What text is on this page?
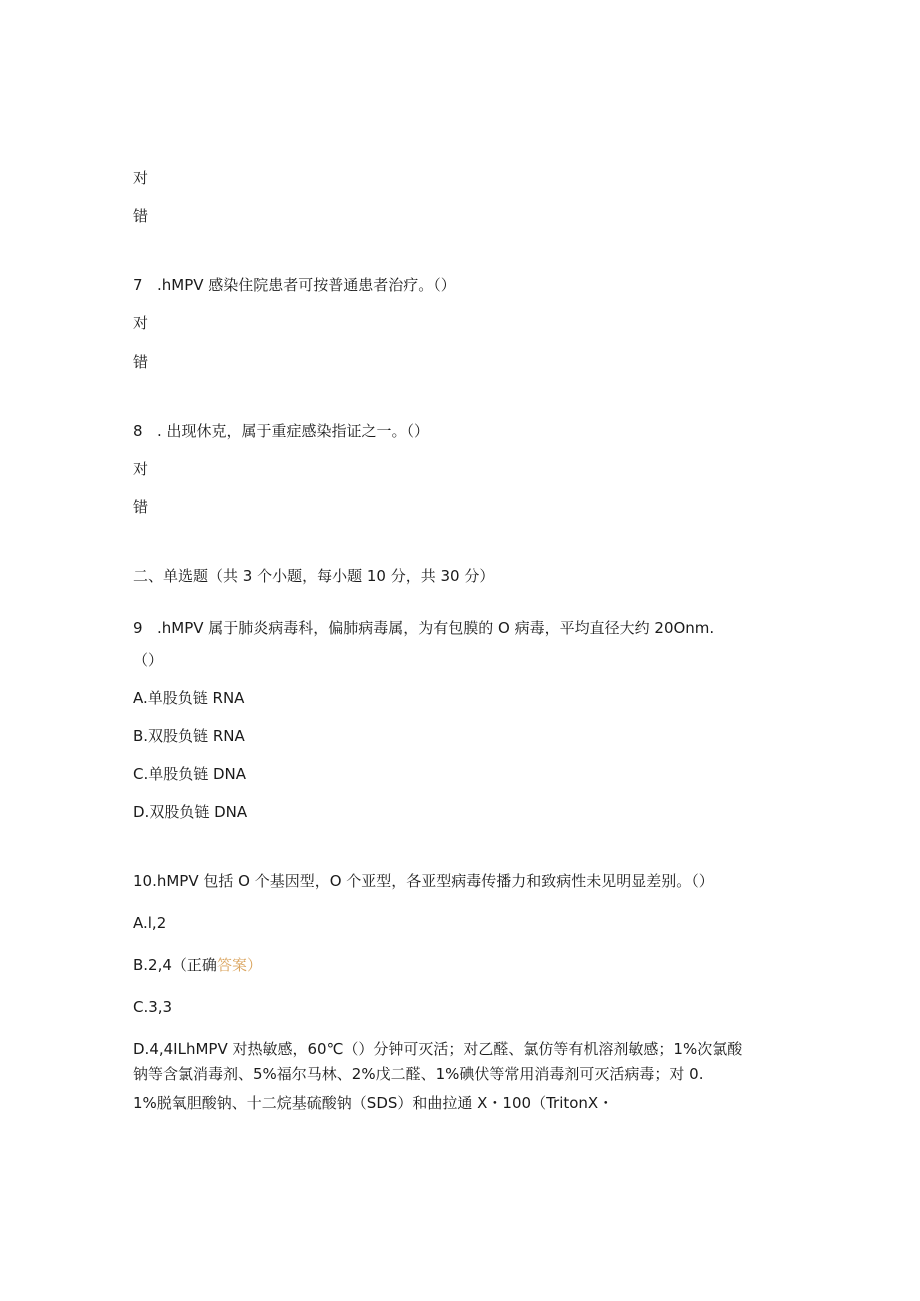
对
错
7 .hMPV 感染住院患者可按普通患者治疗。（）
对
错
8 . 出现休克，属于重症感染指证之一。（）
对
错
二、单选题（共 3 个小题，每小题 10 分，共 30 分）
9 .hMPV 属于肺炎病毒科，偏肺病毒属，为有包膜的 O 病毒，平均直径大约 20Onm.
（）
A.单股负链 RNA
B.双股负链 RNA
C.单股负链 DNA
D.双股负链 DNA
10.hMPV 包括 O 个基因型，O 个亚型，各亚型病毒传播力和致病性未见明显差别。（）
A.l,2
B.2,4（正确答案）
C.3,3
D.4,4ILhMPV 对热敏感，60℃（）分钟可灭活；对乙醛、氯仿等有机溶剂敏感；1%次氯酸
钠等含氯消毒剂、5%福尔马林、2%戊二醛、1%碘伏等常用消毒剂可灭活病毒；对 0.
1%脱氧胆酸钠、十二烷基硫酸钠（SDS）和曲拉通 X・100（TritonX・
